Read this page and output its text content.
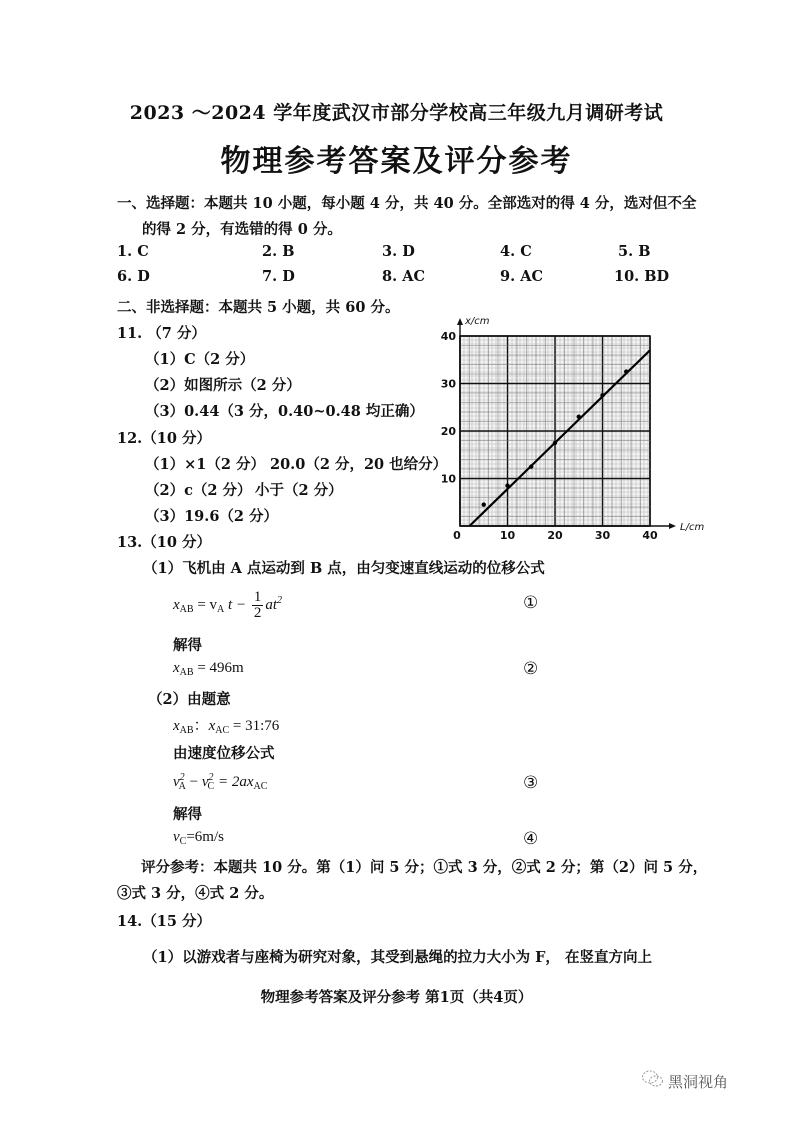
2023 ～2024 学年度武汉市部分学校高三年级九月调研考试
物理参考答案及评分参考
一、选择题：本题共 10 小题，每小题 4 分，共 40 分。全部选对的得 4 分，选对但不全
的得 2 分，有选错的得 0 分。
1. C	2. B	3. D	4. C	5. B
6. D	7. D	8. AC	9. AC	10. BD
二、非选择题：本题共 5 小题，共 60 分。
11. （7 分）
（1）C（2 分）
（2）如图所示（2 分）
（3）0.44（3 分，0.40~0.48 均正确）
12.（10 分）
（1）×1（2 分） 20.0（2 分，20 也给分）
（2）c（2 分） 小于（2 分）
（3）19.6（2 分）
13.（10 分）
（1）飞机由 A 点运动到 B 点，由匀变速直线运动的位移公式
$x_{AB} = v_A$ $t - \frac{1}{2} at^2$	①
解得
$x_{AB} = 496m$	②
（2）由题意
$x_{AB}$：$x_{AC}$ = 31:76
由速度位移公式
$v^2_A - v^2_C = 2ax_{AC}$	③
解得
$v_C=6m/s$	④
评分参考：本题共 10 分。第（1）问 5 分；①式 3 分，②式 2 分；第（2）问 5 分，
③式 3 分，④式 2 分。
14.（15 分）
（1）以游戏者与座椅为研究对象，其受到悬绳的拉力大小为 F， 在竖直方向上
物理参考答案及评分参考 第1页（共4页）
黑洞视角
0	10	20	30	40
10
20
30
40
L/cm
x/cm
